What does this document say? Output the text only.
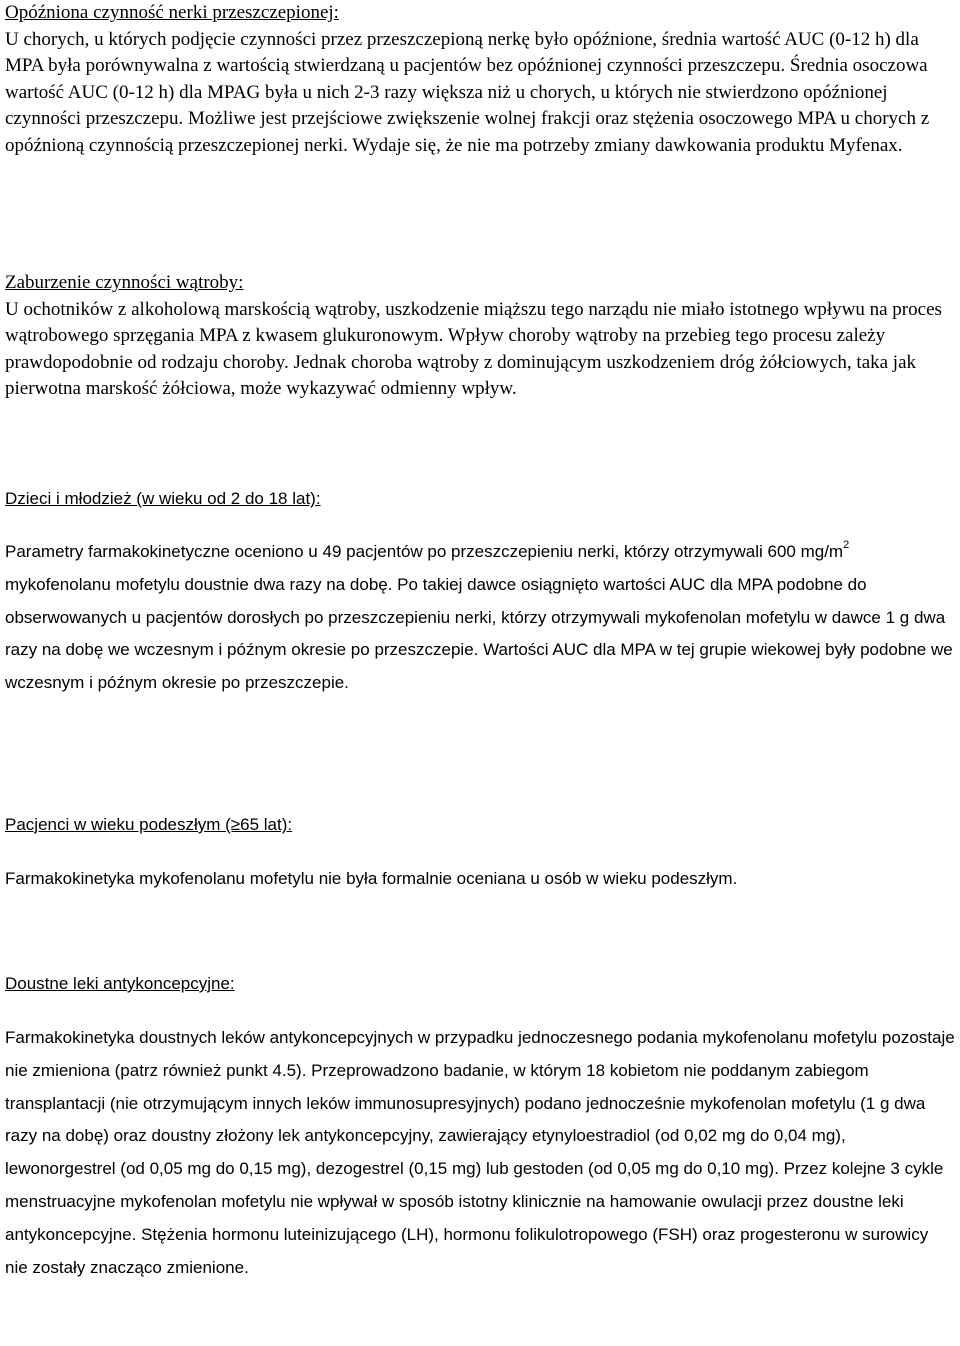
Opóźniona czynność nerki przeszczepionej:

U chorych, u których podjęcie czynności przez przeszczepioną nerkę było opóźnione, średnia wartość AUC (0-12 h) dla MPA była porównywalna z wartością stwierdzaną u pacjentów bez opóźnionej czynności przeszczepu. Średnia osoczowa wartość AUC (0-12 h) dla MPAG była u nich 2-3 razy większa niż u chorych, u których nie stwierdzono opóźnionej czynności przeszczepu. Możliwe jest przejściowe zwiększenie wolnej frakcji oraz stężenia osoczowego MPA u chorych z opóźnioną czynnością przeszczepionej nerki. Wydaje się, że nie ma potrzeby zmiany dawkowania produktu Myfenax.

Zaburzenie czynności wątroby:

U ochotników z alkoholową marskością wątroby, uszkodzenie miąższu tego narządu nie miało istotnego wpływu na proces wątrobowego sprzęgania MPA z kwasem glukuronowym. Wpływ choroby wątroby na przebieg tego procesu zależy prawdopodobnie od rodzaju choroby. Jednak choroba wątroby z dominującym uszkodzeniem dróg żółciowych, taka jak pierwotna marskość żółciowa, może wykazywać odmienny wpływ.

Dzieci i młodzież (w wieku od 2 do 18 lat):

Parametry farmakokinetyczne oceniono u 49 pacjentów po przeszczepieniu nerki, którzy otrzymywali 600 $mg/m^2$ mykofenolanu mofetylu doustnie dwa razy na dobę. Po takiej dawce osiągnięto wartości AUC dla MPA podobne do obserwowanych u pacjentów dorosłych po przeszczepieniu nerki, którzy otrzymywali mykofenolan mofetylu w dawce 1 g dwa razy na dobę we wczesnym i późnym okresie po przeszczepie. Wartości AUC dla MPA w tej grupie wiekowej były podobne we wczesnym i późnym okresie po przeszczepie.

Pacjenci w wieku podeszłym (≥65 lat):

Farmakokinetyka mykofenolanu mofetylu nie była formalnie oceniana u osób w wieku podeszłym.

Doustne leki antykoncepcyjne:

Farmakokinetyka doustnych leków antykoncepcyjnych w przypadku jednoczesnego podania mykofenolanu mofetylu pozostaje nie zmieniona (patrz również punkt 4.5). Przeprowadzono badanie, w którym 18 kobietom nie poddanym zabiegom transplantacji (nie otrzymującym innych leków immunosupresyjnych) podano jednocześnie mykofenolan mofetylu (1 g dwa razy na dobę) oraz doustny złożony lek antykoncepcyjny, zawierający etynyloestradiol (od 0,02 mg do 0,04 mg), lewonorgestrel (od 0,05 mg do 0,15 mg), dezogestrel (0,15 mg) lub gestoden (od 0,05 mg do 0,10 mg). Przez kolejne 3 cykle menstruacyjne mykofenolan mofetylu nie wpływał w sposób istotny klinicznie na hamowanie owulacji przez doustne leki antykoncepcyjne. Stężenia hormonu luteinizującego (LH), hormonu folikulotropowego (FSH) oraz progesteronu w surowicy nie zostały znacząco zmienione.
